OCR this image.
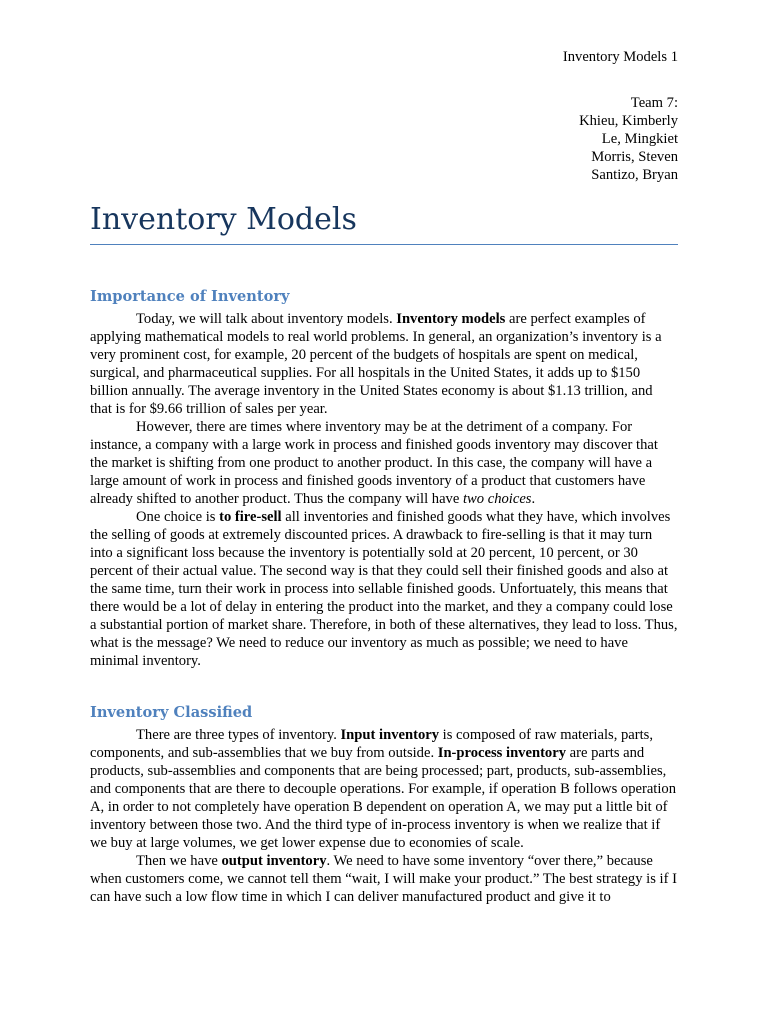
Inventory Models 1
Team 7:
Khieu, Kimberly
Le, Mingkiet
Morris, Steven
Santizo, Bryan
Inventory Models
Importance of Inventory

Today, we will talk about inventory models. Inventory models are perfect examples of applying mathematical models to real world problems. In general, an organization’s inventory is a very prominent cost, for example, 20 percent of the budgets of hospitals are spent on medical, surgical, and pharmaceutical supplies. For all hospitals in the United States, it adds up to $150 billion annually. The average inventory in the United States economy is about $1.13 trillion, and that is for $9.66 trillion of sales per year.

However, there are times where inventory may be at the detriment of a company. For instance, a company with a large work in process and finished goods inventory may discover that the market is shifting from one product to another product. In this case, the company will have a large amount of work in process and finished goods inventory of a product that customers have already shifted to another product. Thus the company will have two choices.

One choice is to fire-sell all inventories and finished goods what they have, which involves the selling of goods at extremely discounted prices. A drawback to fire-selling is that it may turn into a significant loss because the inventory is potentially sold at 20 percent, 10 percent, or 30 percent of their actual value. The second way is that they could sell their finished goods and also at the same time, turn their work in process into sellable finished goods. Unfortuately, this means that there would be a lot of delay in entering the product into the market, and they a company could lose a substantial portion of market share. Therefore, in both of these alternatives, they lead to loss. Thus, what is the message? We need to reduce our inventory as much as possible; we need to have minimal inventory.

Inventory Classified

There are three types of inventory. Input inventory is composed of raw materials, parts, components, and sub-assemblies that we buy from outside. In-process inventory are parts and products, sub-assemblies and components that are being processed; part, products, sub-assemblies, and components that are there to decouple operations. For example, if operation B follows operation A, in order to not completely have operation B dependent on operation A, we may put a little bit of inventory between those two. And the third type of in-process inventory is when we realize that if we buy at large volumes, we get lower expense due to economies of scale.

Then we have output inventory. We need to have some inventory “over there,” because when customers come, we cannot tell them “wait, I will make your product.” The best strategy is if I can have such a low flow time in which I can deliver manufactured product and give it to
